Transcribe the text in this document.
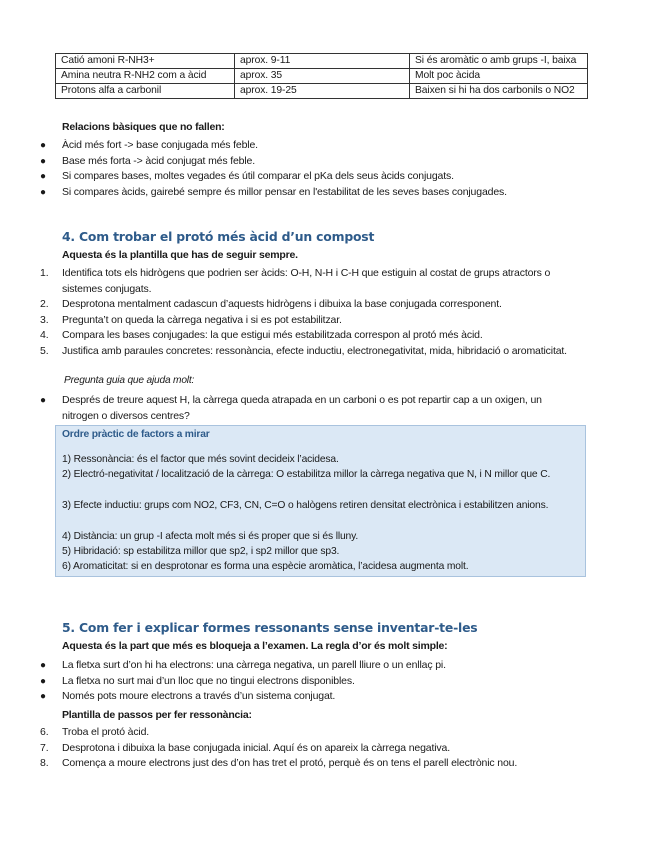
Catió amoni R-NH3+	aprox. 9-11	Si és aromàtic o amb grups -I, baixa
Amina neutra R-NH2 com a àcid	aprox. 35	Molt poc àcida
Protons alfa a carbonil	aprox. 19-25	Baixen si hi ha dos carbonils o NO2
Relacions bàsiques que no fallen:
● Àcid més fort -> base conjugada més feble.
● Base més forta -> àcid conjugat més feble.
● Si compares bases, moltes vegades és útil comparar el pKa dels seus àcids conjugats.
● Si compares àcids, gairebé sempre és millor pensar en l'estabilitat de les seves bases conjugades.
4. Com trobar el protó més àcid d’un compost
Aquesta és la plantilla que has de seguir sempre.
1. Identifica tots els hidrògens que podrien ser àcids: O-H, N-H i C-H que estiguin al costat de grups atractors o sistemes conjugats.
2. Desprotona mentalment cadascun d’aquests hidrògens i dibuixa la base conjugada corresponent.
3. Pregunta’t on queda la càrrega negativa i si es pot estabilitzar.
4. Compara les bases conjugades: la que estigui més estabilitzada correspon al protó més àcid.
5. Justifica amb paraules concretes: ressonància, efecte inductiu, electronegativitat, mida, hibridació o aromaticitat.
Pregunta guia que ajuda molt:
● Després de treure aquest H, la càrrega queda atrapada en un carboni o es pot repartir cap a un oxigen, un nitrogen o diversos centres?
Ordre pràctic de factors a mirar
1) Ressonància: és el factor que més sovint decideix l’acidesa.
2) Electró-negativitat / localització de la càrrega: O estabilitza millor la càrrega negativa que N, i N millor que C.
3) Efecte inductiu: grups com NO2, CF3, CN, C=O o halògens retiren densitat electrònica i estabilitzen anions.
4) Distància: un grup -I afecta molt més si és proper que si és lluny.
5) Hibridació: sp estabilitza millor que sp2, i sp2 millor que sp3.
6) Aromaticitat: si en desprotonar es forma una espècie aromàtica, l’acidesa augmenta molt.
5. Com fer i explicar formes ressonants sense inventar-te-les
Aquesta és la part que més es bloqueja a l’examen. La regla d’or és molt simple:
● La fletxa surt d’on hi ha electrons: una càrrega negativa, un parell lliure o un enllaç pi.
● La fletxa no surt mai d’un lloc que no tingui electrons disponibles.
● Només pots moure electrons a través d’un sistema conjugat.
Plantilla de passos per fer ressonància:
6. Troba el protó àcid.
7. Desprotona i dibuixa la base conjugada inicial. Aquí és on apareix la càrrega negativa.
8. Comença a moure electrons just des d’on has tret el protó, perquè és on tens el parell electrònic nou.
